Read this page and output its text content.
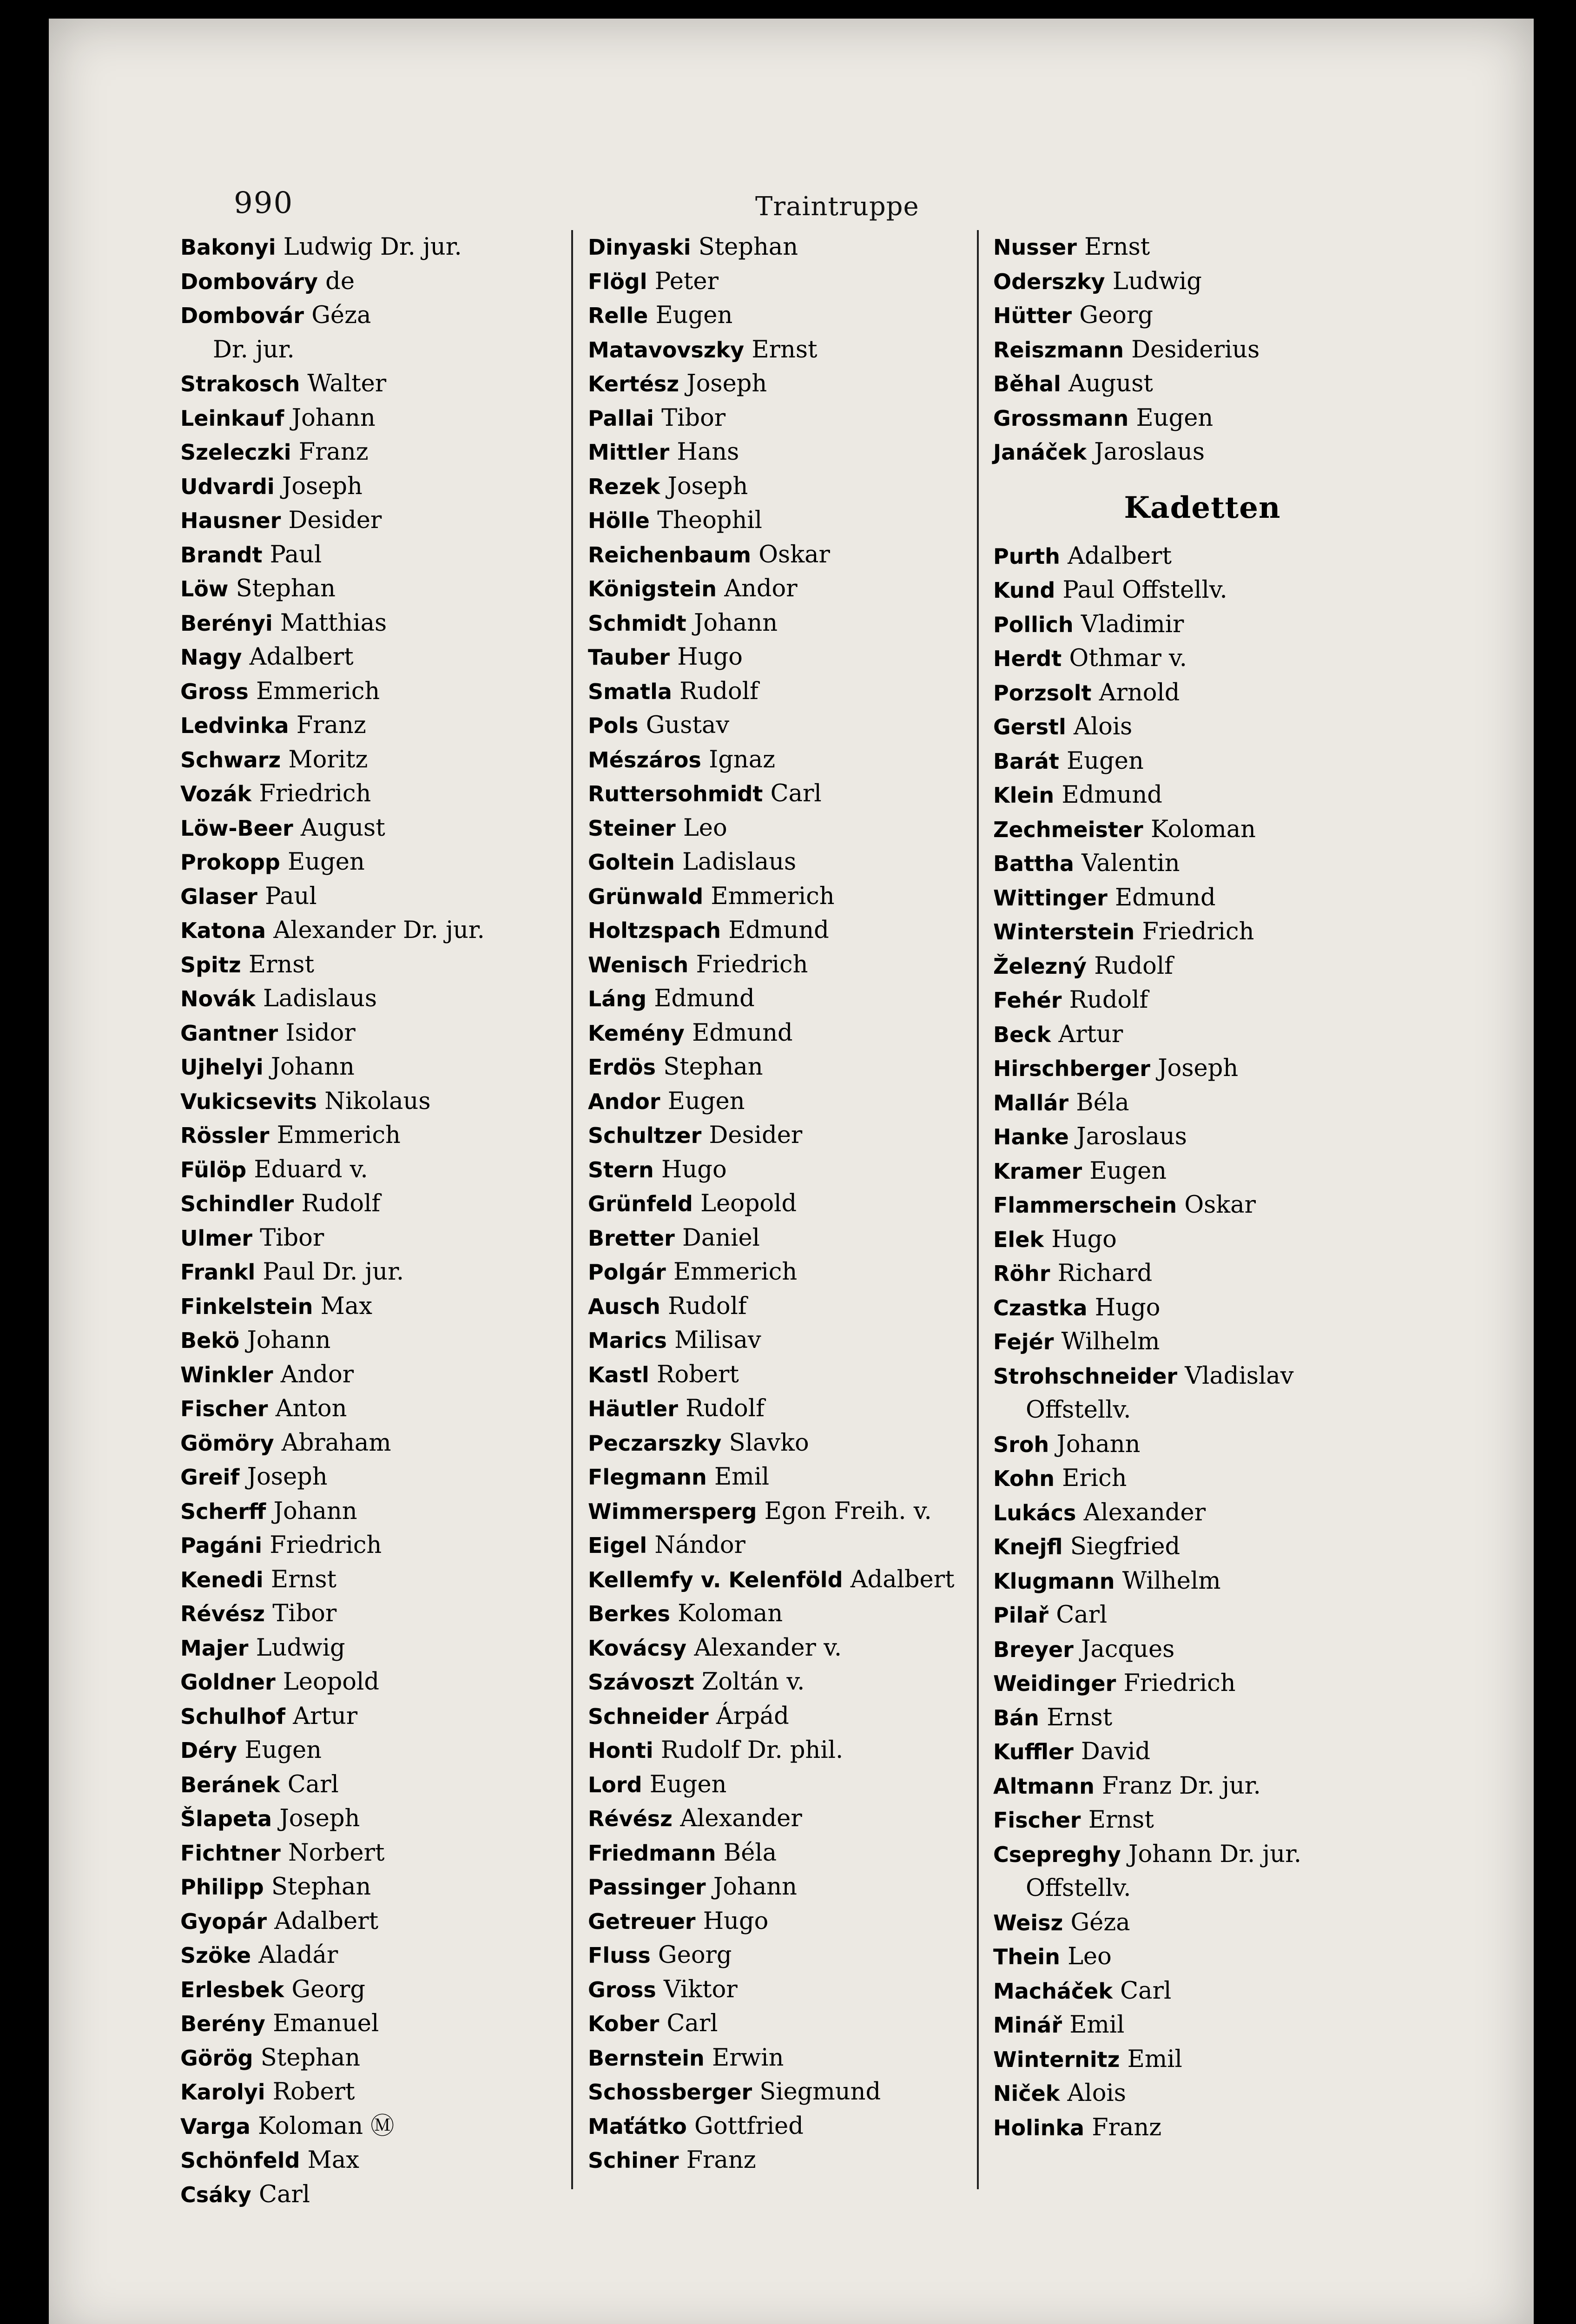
990	Traintruppe
Bakonyi Ludwig Dr. jur.
Dombováry de
Dombovár Géza
Dr. jur.
Strakosch Walter
Leinkauf Johann
Szeleczki Franz
Udvardi Joseph
Hausner Desider
Brandt Paul
Löw Stephan
Berényi Matthias
Nagy Adalbert
Gross Emmerich
Ledvinka Franz
Schwarz Moritz
Vozák Friedrich
Löw-Beer August
Prokopp Eugen
Glaser Paul
Katona Alexander Dr. jur.
Spitz Ernst
Novák Ladislaus
Gantner Isidor
Ujhelyi Johann
Vukicsevits Nikolaus
Rössler Emmerich
Fülöp Eduard v.
Schindler Rudolf
Ulmer Tibor
Frankl Paul Dr. jur.
Finkelstein Max
Bekö Johann
Winkler Andor
Fischer Anton
Gömöry Abraham
Greif Joseph
Scherff Johann
Pagáni Friedrich
Kenedi Ernst
Révész Tibor
Majer Ludwig
Goldner Leopold
Schulhof Artur
Déry Eugen
Beránek Carl
Šlapeta Joseph
Fichtner Norbert
Philipp Stephan
Gyopár Adalbert
Szöke Aladár
Erlesbek Georg
Berény Emanuel
Görög Stephan
Karolyi Robert
Varga Koloman Ⓜ
Schönfeld Max
Csáky Carl
Dinyaski Stephan
Flögl Peter
Relle Eugen
Matavovszky Ernst
Kertész Joseph
Pallai Tibor
Mittler Hans
Rezek Joseph
Hölle Theophil
Reichenbaum Oskar
Königstein Andor
Schmidt Johann
Tauber Hugo
Smatla Rudolf
Pols Gustav
Mészáros Ignaz
Ruttersohmidt Carl
Steiner Leo
Goltein Ladislaus
Grünwald Emmerich
Holtzspach Edmund
Wenisch Friedrich
Láng Edmund
Kemény Edmund
Erdös Stephan
Andor Eugen
Schultzer Desider
Stern Hugo
Grünfeld Leopold
Bretter Daniel
Polgár Emmerich
Ausch Rudolf
Marics Milisav
Kastl Robert
Häutler Rudolf
Peczarszky Slavko
Flegmann Emil
Wimmersperg Egon Freih. v.
Eigel Nándor
Kellemfy v. Kelenföld Adalbert
Berkes Koloman
Kovácsy Alexander v.
Szávoszt Zoltán v.
Schneider Árpád
Honti Rudolf Dr. phil.
Lord Eugen
Révész Alexander
Friedmann Béla
Passinger Johann
Getreuer Hugo
Fluss Georg
Gross Viktor
Kober Carl
Bernstein Erwin
Schossberger Siegmund
Maťátko Gottfried
Schiner Franz
Nusser Ernst
Oderszky Ludwig
Hütter Georg
Reiszmann Desiderius
Běhal August
Grossmann Eugen
Janáček Jaroslaus
Kadetten
Purth Adalbert
Kund Paul Offstellv.
Pollich Vladimir
Herdt Othmar v.
Porzsolt Arnold
Gerstl Alois
Barát Eugen
Klein Edmund
Zechmeister Koloman
Battha Valentin
Wittinger Edmund
Winterstein Friedrich
Železný Rudolf
Fehér Rudolf
Beck Artur
Hirschberger Joseph
Mallár Béla
Hanke Jaroslaus
Kramer Eugen
Flammerschein Oskar
Elek Hugo
Röhr Richard
Czastka Hugo
Fejér Wilhelm
Strohschneider Vladislav
Offstellv.
Sroh Johann
Kohn Erich
Lukács Alexander
Knejfl Siegfried
Klugmann Wilhelm
Pilař Carl
Breyer Jacques
Weidinger Friedrich
Bán Ernst
Kuffler David
Altmann Franz Dr. jur.
Fischer Ernst
Csepreghy Johann Dr. jur.
Offstellv.
Weisz Géza
Thein Leo
Macháček Carl
Minář Emil
Winternitz Emil
Niček Alois
Holinka Franz
